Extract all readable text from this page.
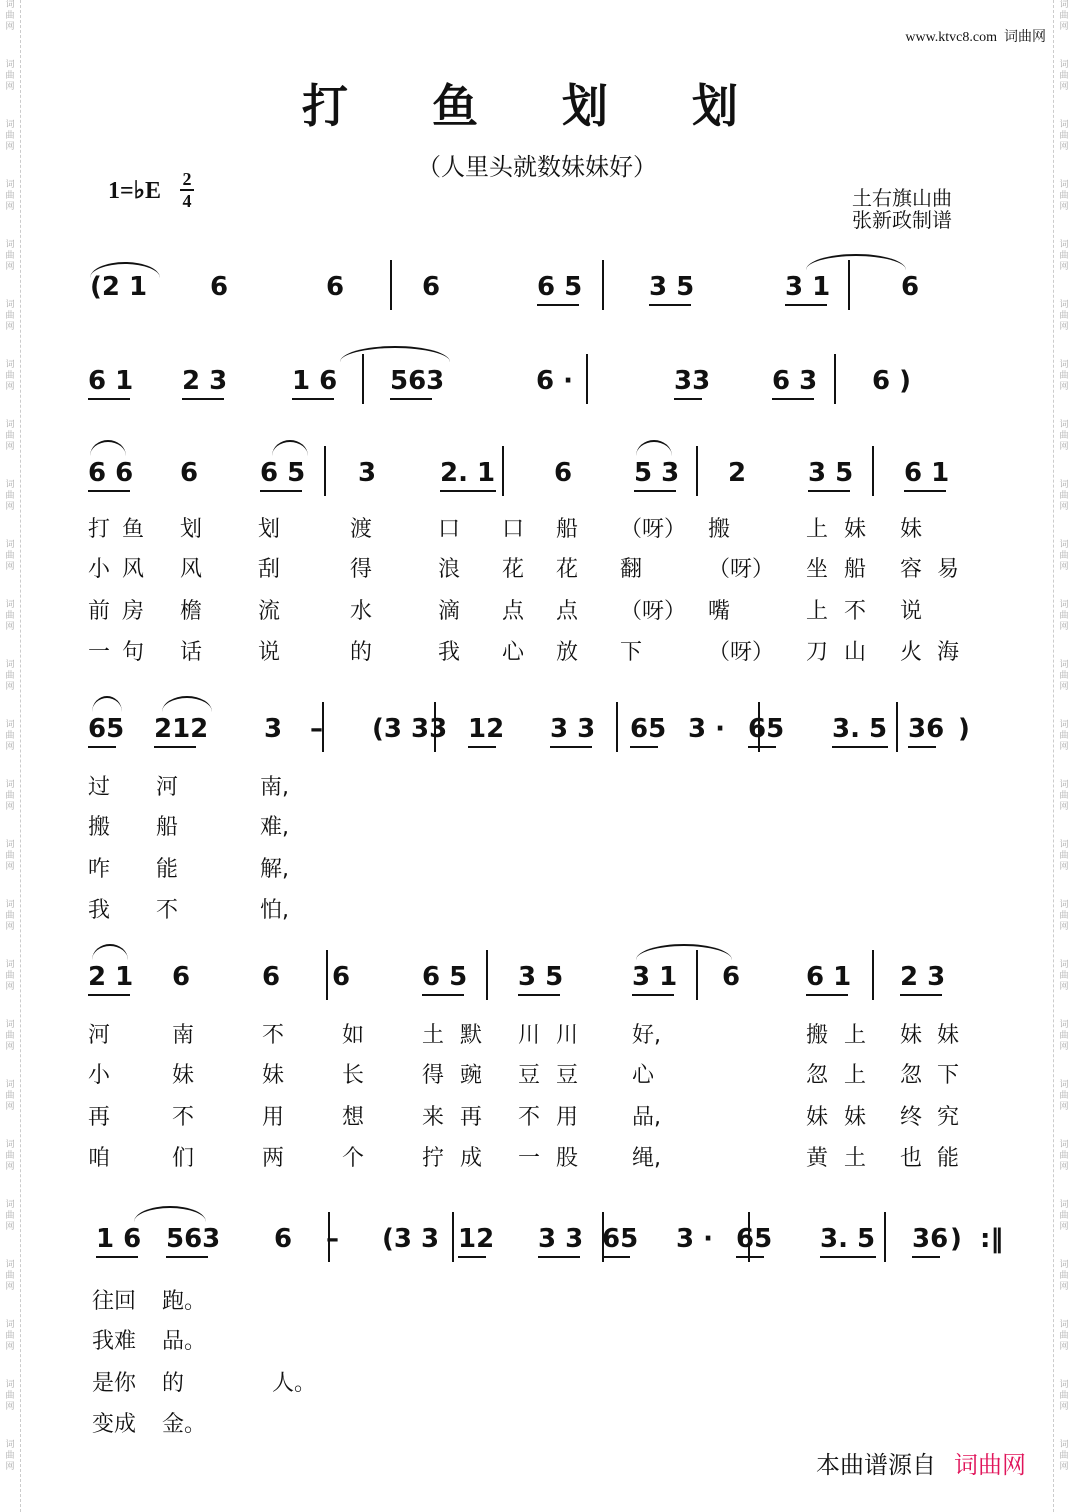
词
曲
网
词
曲
网
词
曲
网
词
曲
网
词
曲
网
词
曲
网
词
曲
网
词
曲
网
词
曲
网
词
曲
网
词
曲
网
词
曲
网
词
曲
网
词
曲
网
词
曲
网
词
曲
网
词
曲
网
词
曲
网
词
曲
网
词
曲
网
词
曲
网
词
曲
网
词
曲
网
词
曲
网
词
曲
网
词
曲
网
词
曲
网
词
曲
网
词
曲
网
词
曲
网
词
曲
网
词
曲
网
词
曲
网
词
曲
网
词
曲
网
词
曲
网
词
曲
网
词
曲
网
词
曲
网
词
曲
网
词
曲
网
词
曲
网
词
曲
网
词
曲
网
词
曲
网
词
曲
网
词
曲
网
词
曲
网
词
曲
网
词
曲
网
www.ktvc8.com 词曲网
打 鱼 划 划
（人里头就数妹妹好）
1=♭E 2
4	土右旗山曲
张新政制谱
(2 1 6	6	6	6 5	3 5	3 1	6
6 1 2 3 1 6 563	6 ·	33 6 3 6 )
6 6 6 6 5 3 2. 1 6 5 3 2 3 5 6 1
打 鱼 划	划	渡	口 口 船 （呀） 搬	上 妹 妹
小 风 风	刮	得	浪 花 花 翻	（呀） 坐 船 容 易
前 房 檐	流	水	滴 点 点 （呀） 嘴	上 不 说
一 句 话	说	的	我 心 放 下	（呀） 刀 山 火 海
65 212 3 – (3 33 12 3 3 65 3 · 65 3. 5 36 )
过 河	南,
搬 船	难,
咋 能	解,
我 不	怕,
2 1 6	6 6	6 5 3 5	3 1 6	6 1 2 3
河	南	不	如	土 默 川 川 好,	搬 上 妹 妹
小	妹	妹	长	得 豌 豆 豆 心	忽 上 忽 下
再	不	用	想	来 再 不 用 品,	妹 妹 终 究
咱	们	两	个	拧 成 一 股 绳,	黄 土 也 能
1 6 563 6 – (3 3 12 3 3 65 3 · 65 3. 5 36 ) :‖
往回 跑。
我难 品。
是你 的	人。
变成 金。
本曲谱源自 词曲网
